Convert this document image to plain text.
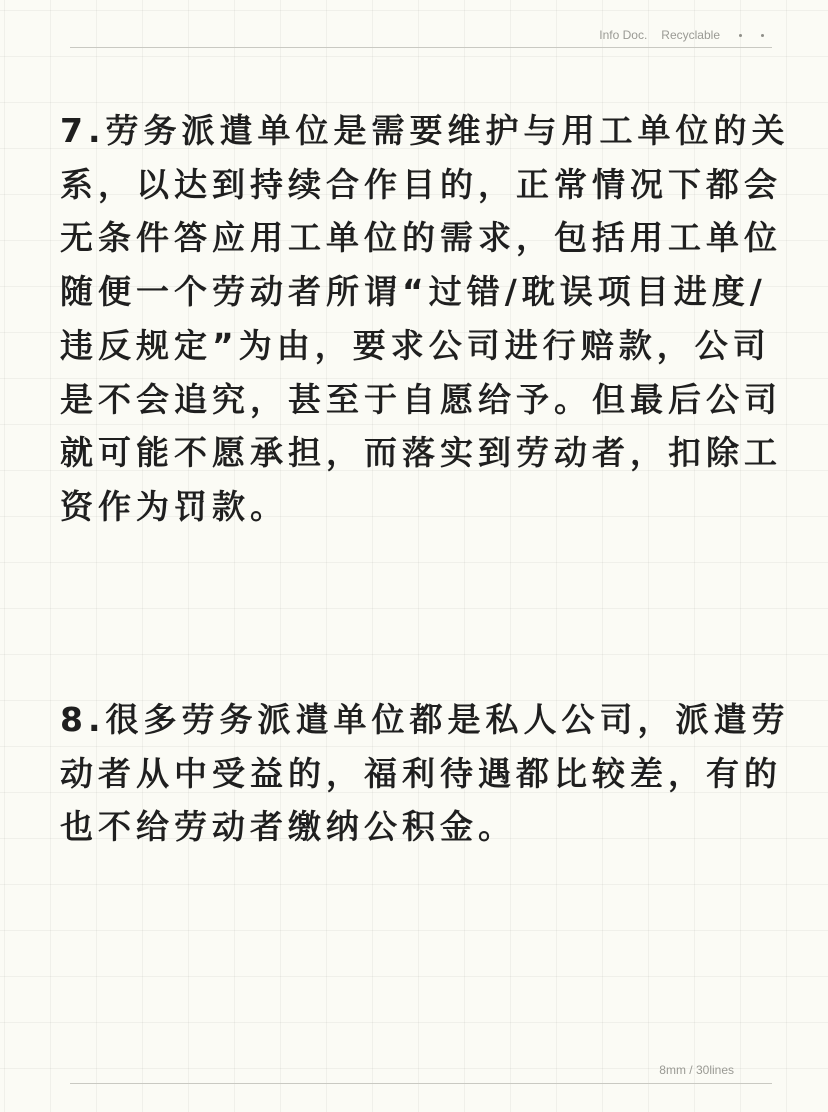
Info Doc. Recyclable

7.劳务派遣单位是需要维护与用工单位的关系，以达到持续合作目的，正常情况下都会无条件答应用工单位的需求，包括用工单位随便一个劳动者所谓“过错/耽误项目进度/违反规定”为由，要求公司进行赔款，公司是不会追究，甚至于自愿给予。但最后公司就可能不愿承担，而落实到劳动者，扣除工资作为罚款。

8.很多劳务派遣单位都是私人公司，派遣劳动者从中受益的，福利待遇都比较差，有的也不给劳动者缴纳公积金。

8mm / 30lines
